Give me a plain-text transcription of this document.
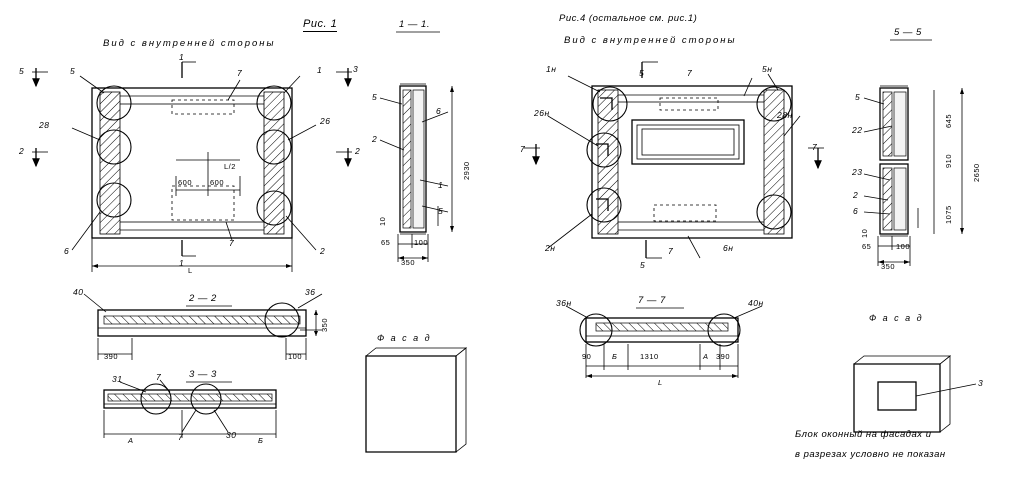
Рис. 1
Вид с внутренней стороны
Рис.4 (остальное см. рис.1)
Вид с внутренней стороны
1 — 1.
5 — 5
2 — 2
3 — 3
7 — 7
Ф а с а д
Ф а с а д
Блок оконный на фасадах и
в разрезах условно не показан
5	7	1	3
28	26
2
6
5
2	2
1
1
7
600 600
L/2
L
5
6
2
1
5
2930
10
65	100
350
1н	5	7	5н
26н	28н
2н
5
6н
7
7	7
5
22
23
2
6
645
910
1075
2650
10
65	100
350
40	36
390
350
100
31	7
7	30
A	Б
36н	40н
90	1310	390
Б	A
L	3
